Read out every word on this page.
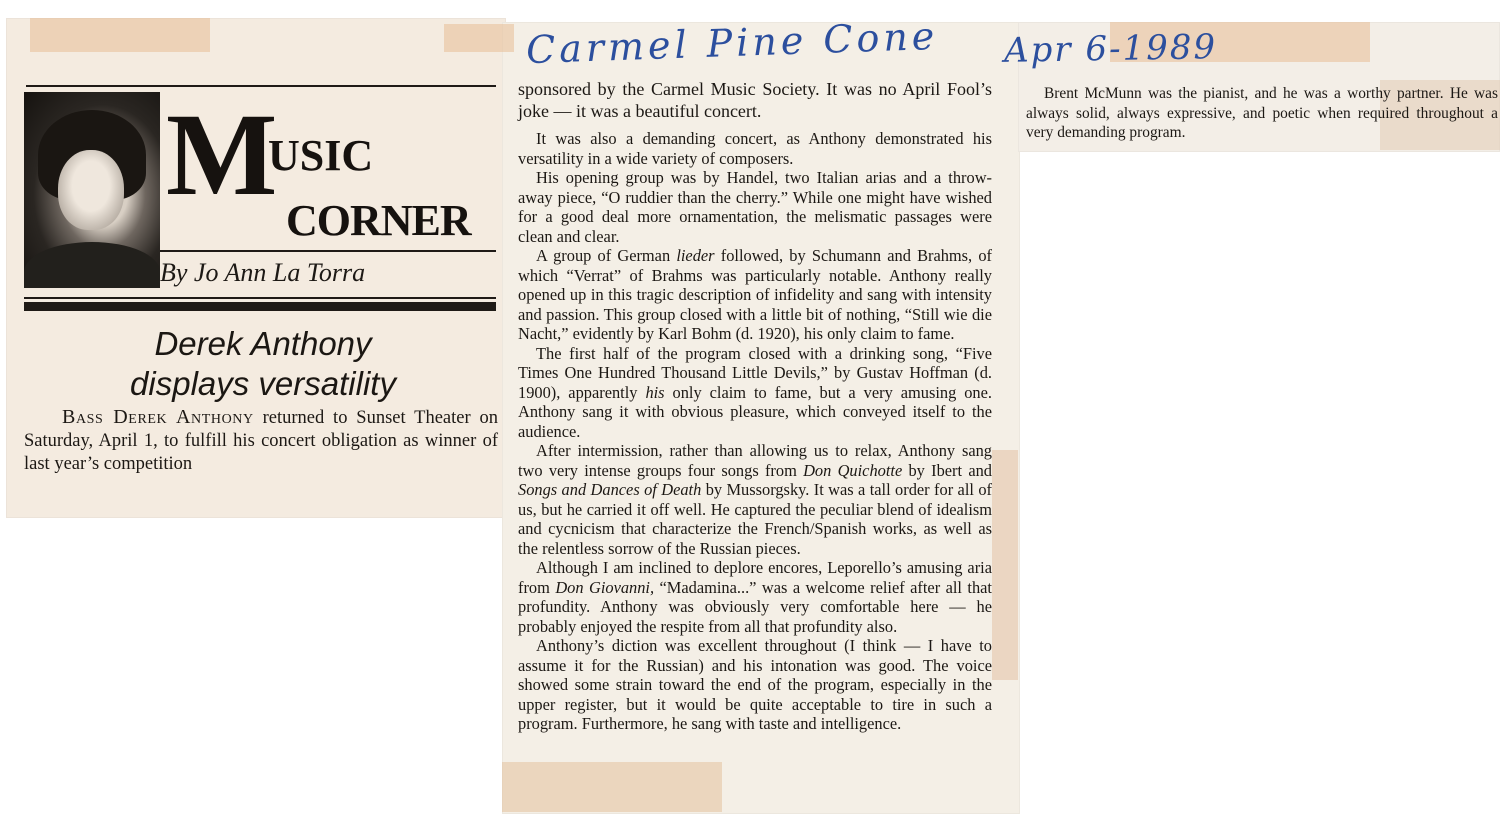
Carmel Pine Cone Apr 6-1989
M
USIC
CORNER
By Jo Ann La Torra
Derek Anthony
displays versatility
Bass Derek Anthony returned to Sunset Theater on Saturday, April 1, to fulfill his concert obligation as winner of last year’s competition

sponsored by the Carmel Music Society. It was no April Fool’s joke — it was a beautiful concert.

It was also a demanding concert, as Anthony demonstrated his versatility in a wide variety of composers.

His opening group was by Handel, two Italian arias and a throw-away piece, “O ruddier than the cherry.” While one might have wished for a good deal more ornamentation, the melismatic passages were clean and clear.

A group of German lieder followed, by Schumann and Brahms, of which “Verrat” of Brahms was particularly notable. Anthony really opened up in this tragic description of infidelity and sang with intensity and passion. This group closed with a little bit of nothing, “Still wie die Nacht,” evidently by Karl Bohm (d. 1920), his only claim to fame.

The first half of the program closed with a drinking song, “Five Times One Hundred Thousand Little Devils,” by Gustav Hoffman (d. 1900), apparently his only claim to fame, but a very amusing one. Anthony sang it with obvious pleasure, which conveyed itself to the audience.

After intermission, rather than allowing us to relax, Anthony sang two very intense groups four songs from Don Quichotte by Ibert and Songs and Dances of Death by Mussorgsky. It was a tall order for all of us, but he carried it off well. He captured the peculiar blend of idealism and cycnicism that characterize the French/Spanish works, as well as the relentless sorrow of the Russian pieces.

Although I am inclined to deplore encores, Leporello’s amusing aria from Don Giovanni, “Madamina...” was a welcome relief after all that profundity. Anthony was obviously very comfortable here — he probably enjoyed the respite from all that profundity also.

Anthony’s diction was excellent throughout (I think — I have to assume it for the Russian) and his intonation was good. The voice showed some strain toward the end of the program, especially in the upper register, but it would be quite acceptable to tire in such a program. Furthermore, he sang with taste and intelligence.

Brent McMunn was the pianist, and he was a worthy partner. He was always solid, always expressive, and poetic when required throughout a very demanding program.
